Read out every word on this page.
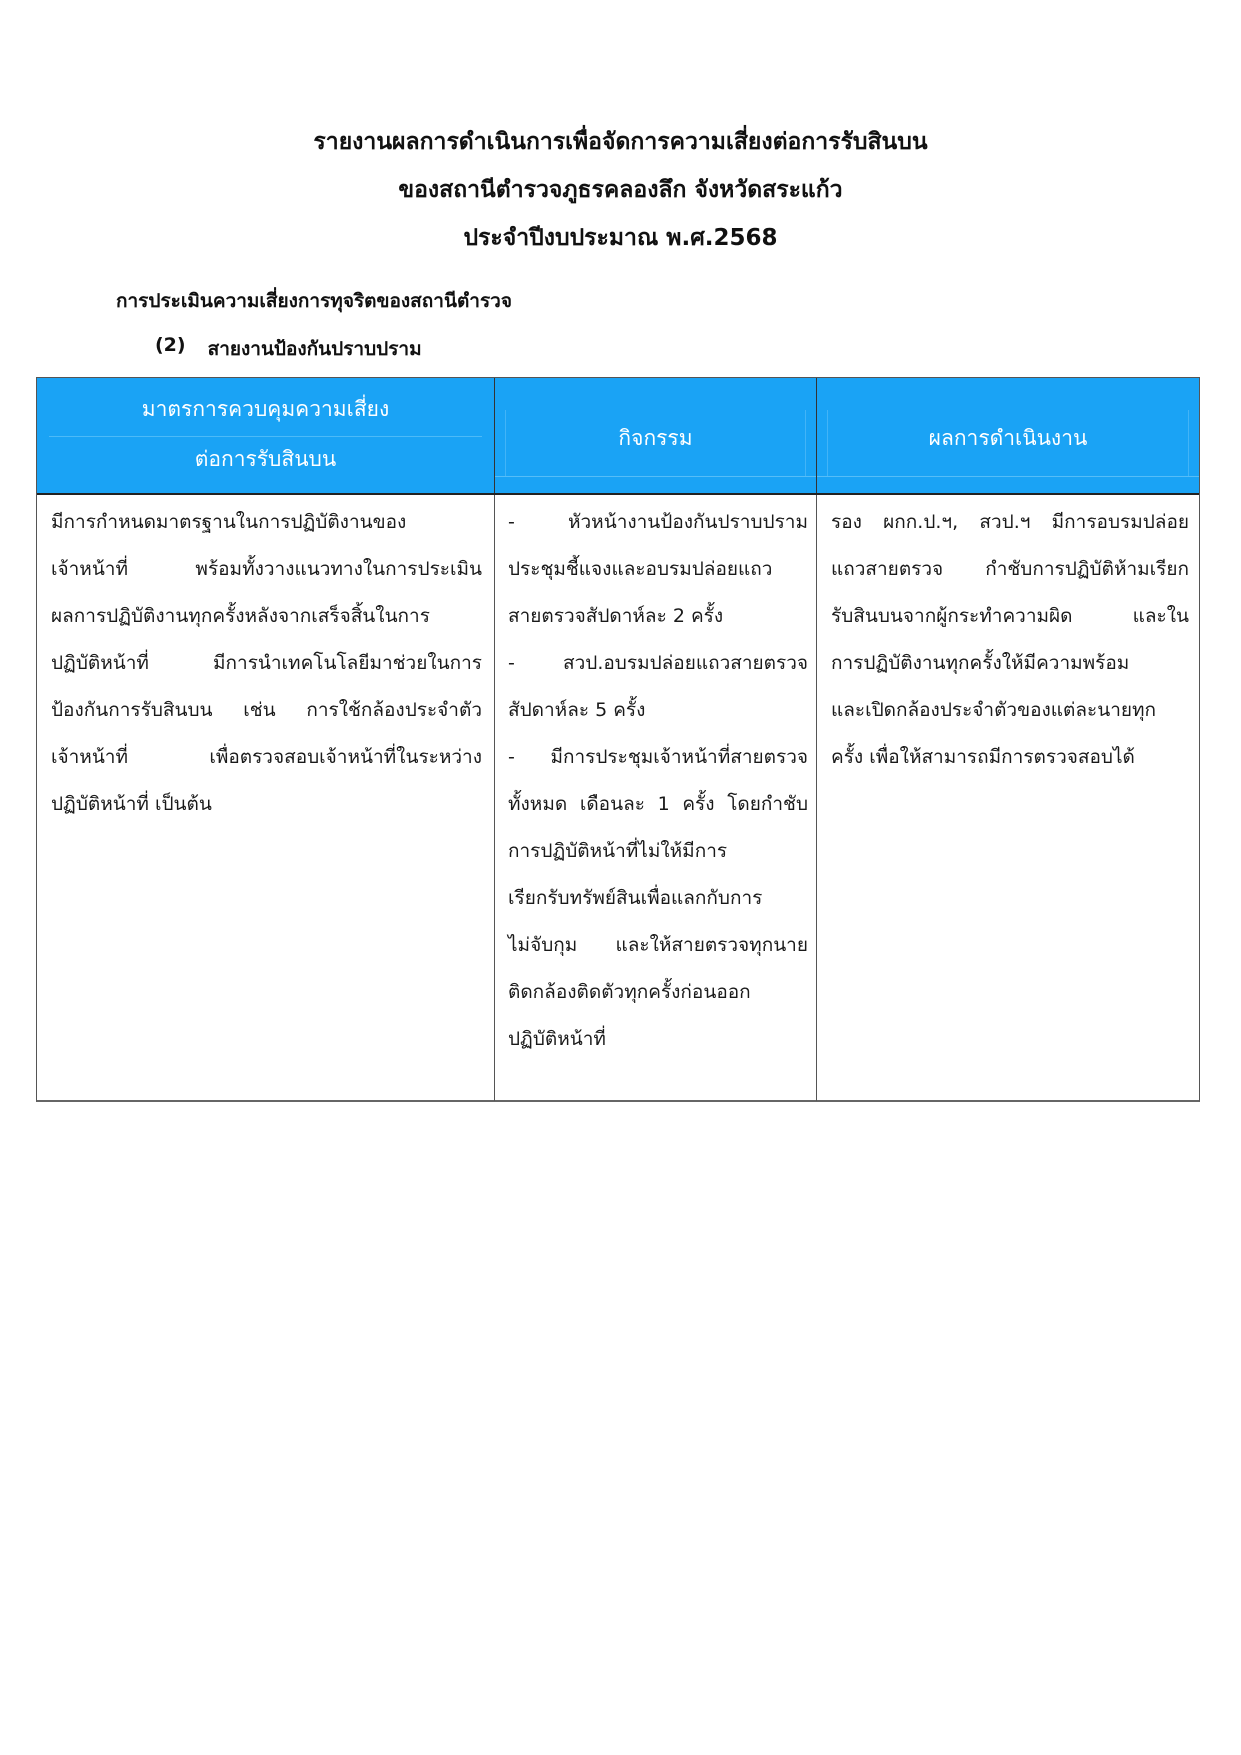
รายงานผลการดำเนินการเพื่อจัดการความเสี่ยงต่อการรับสินบน
ของสถานีตำรวจภูธรคลองลึก จังหวัดสระแก้ว
ประจำปีงบประมาณ พ.ศ.2568
การประเมินความเสี่ยงการทุจริตของสถานีตำรวจ
(2) สายงานป้องกันปราบปราม
มาตรการควบคุมความเสี่ยง
ต่อการรับสินบน
กิจกรรม	ผลการดำเนินงาน
มีการกำหนดมาตรฐานในการปฏิบัติงานของ
เจ้าหน้าที่ พร้อมทั้งวางแนวทางในการประเมิน
ผลการปฏิบัติงานทุกครั้งหลังจากเสร็จสิ้นในการ
ปฏิบัติหน้าที่ มีการนำเทคโนโลยีมาช่วยในการ
ป้องกันการรับสินบน เช่น การใช้กล้องประจำตัว
เจ้าหน้าที่ เพื่อตรวจสอบเจ้าหน้าที่ในระหว่าง
ปฏิบัติหน้าที่ เป็นต้น
- หัวหน้างานป้องกันปราบปราม
ประชุมชี้แจงและอบรมปล่อยแถว
สายตรวจสัปดาห์ละ 2 ครั้ง
- สวป.อบรมปล่อยแถวสายตรวจ
สัปดาห์ละ 5 ครั้ง
- มีการประชุมเจ้าหน้าที่สายตรวจ
ทั้งหมด เดือนละ 1 ครั้ง โดยกำชับ
การปฏิบัติหน้าที่ไม่ให้มีการ
เรียกรับทรัพย์สินเพื่อแลกกับการ
ไม่จับกุม และให้สายตรวจทุกนาย
ติดกล้องติดตัวทุกครั้งก่อนออก
ปฏิบัติหน้าที่
รอง ผกก.ป.ฯ, สวป.ฯ มีการอบรมปล่อย
แถวสายตรวจ กำชับการปฏิบัติห้ามเรียก
รับสินบนจากผู้กระทำความผิด และใน
การปฏิบัติงานทุกครั้งให้มีความพร้อม
และเปิดกล้องประจำตัวของแต่ละนายทุก
ครั้ง เพื่อให้สามารถมีการตรวจสอบได้
